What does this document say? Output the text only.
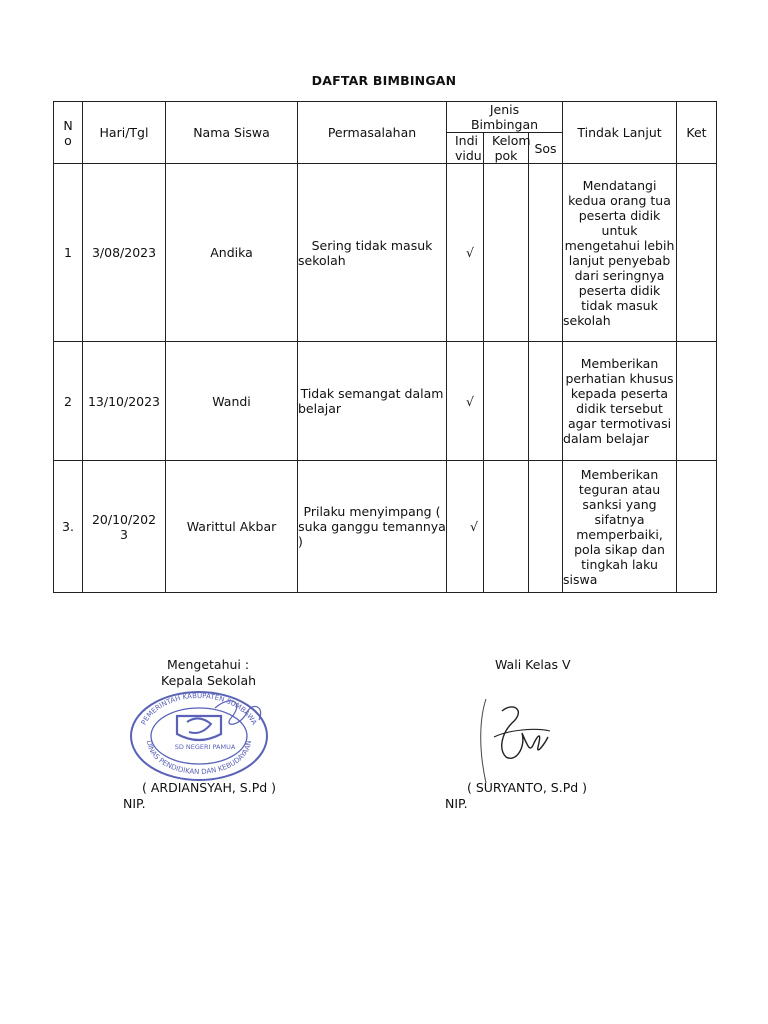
DAFTAR BIMBINGAN
N o	Hari/Tgl	Nama Siswa	Permasalahan	Jenis Bimbingan			Tindak Lanjut	Ket
				Indi vidu	Kelom pok	Sos		
1	3/08/2023	Andika	Sering tidak masuk sekolah	√			Mendatangi kedua orang tua peserta didik untuk mengetahui lebih lanjut penyebab dari seringnya peserta didik tidak masuk sekolah	
2	13/10/2023	Wandi	Tidak semangat dalam belajar	√			Memberikan perhatian khusus kepada peserta didik tersebut agar termotivasi dalam belajar	
3.	20/10/2023	Warittul Akbar	Prilaku menyimpang ( suka ganggu temannya )	√			Memberikan teguran atau sanksi yang sifatnya memperbaiki, pola sikap dan tingkah laku siswa	
Mengetahui :
Kepala Sekolah
PEMERINTAH KABUPATEN SUMBAWA
DINAS PENDIDIKAN DAN KEBUDAYAAN
SD NEGERI PAMUA
( ARDIANSYAH, S.Pd )
NIP.
Wali Kelas V
( SURYANTO, S.Pd )
NIP.
